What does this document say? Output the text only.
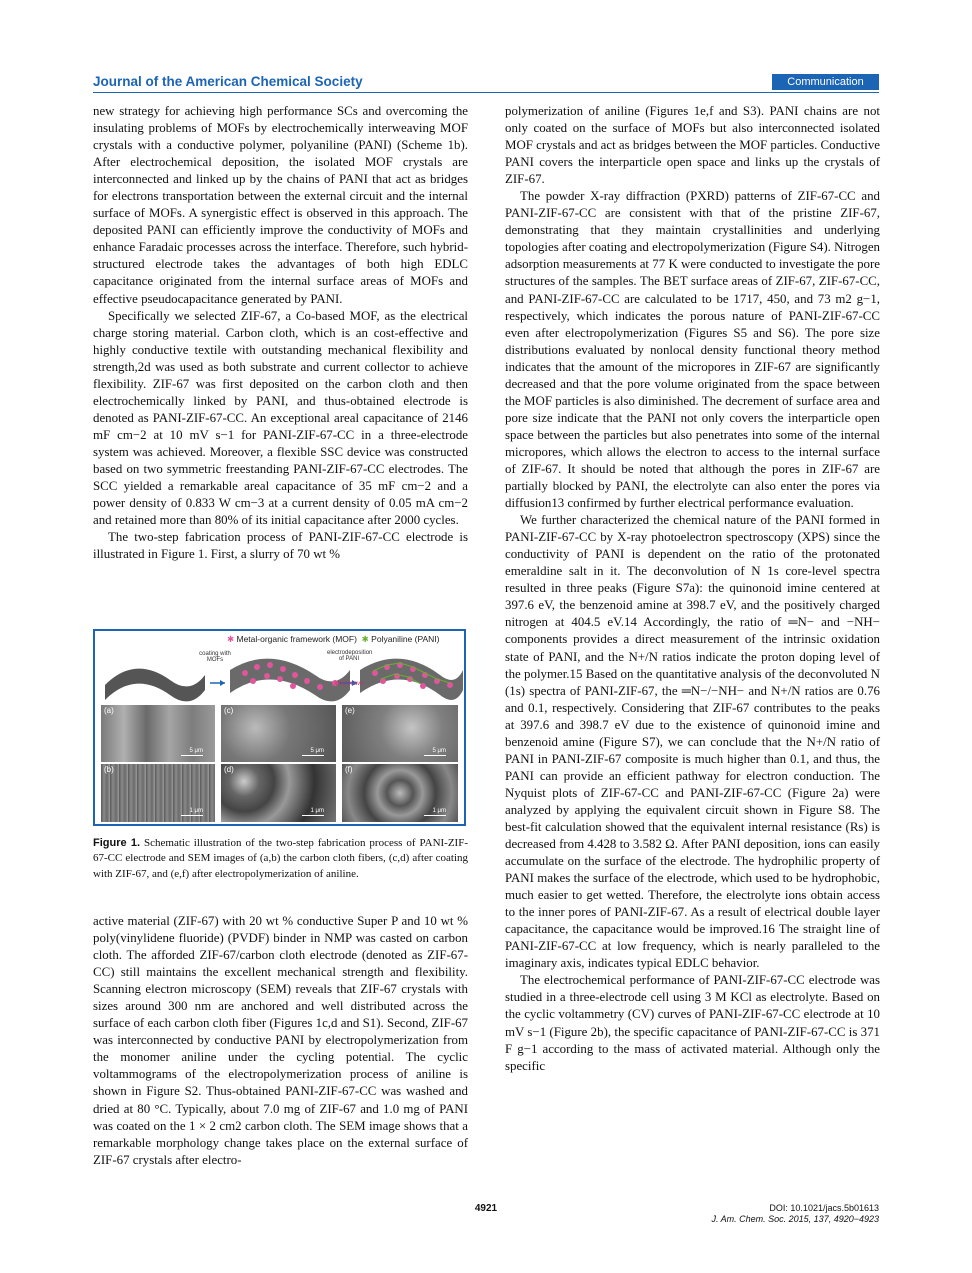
Journal of the American Chemical Society	Communication

new strategy for achieving high performance SCs and overcoming the insulating problems of MOFs by electrochemically interweaving MOF crystals with a conductive polymer, polyaniline (PANI) (Scheme 1b). After electrochemical deposition, the isolated MOF crystals are interconnected and linked up by the chains of PANI that act as bridges for electrons transportation between the external circuit and the internal surface of MOFs. A synergistic effect is observed in this approach. The deposited PANI can efficiently improve the conductivity of MOFs and enhance Faradaic processes across the interface. Therefore, such hybrid-structured electrode takes the advantages of both high EDLC capacitance originated from the internal surface areas of MOFs and effective pseudocapacitance generated by PANI.

Specifically we selected ZIF-67, a Co-based MOF, as the electrical charge storing material. Carbon cloth, which is an cost-effective and highly conductive textile with outstanding mechanical flexibility and strength,2d was used as both substrate and current collector to achieve flexibility. ZIF-67 was first deposited on the carbon cloth and then electrochemically linked by PANI, and thus-obtained electrode is denoted as PANI-ZIF-67-CC. An exceptional areal capacitance of 2146 mF cm−2 at 10 mV s−1 for PANI-ZIF-67-CC in a three-electrode system was achieved. Moreover, a flexible SSC device was constructed based on two symmetric freestanding PANI-ZIF-67-CC electrodes. The SCC yielded a remarkable areal capacitance of 35 mF cm−2 and a power density of 0.833 W cm−3 at a current density of 0.05 mA cm−2 and retained more than 80% of its initial capacitance after 2000 cycles.

The two-step fabrication process of PANI-ZIF-67-CC electrode is illustrated in Figure 1. First, a slurry of 70 wt %

✱ Metal-organic framework (MOF) ✱ Polyaniline (PANI)
coating with MOFs
electrodeposition of PANI
interweave
(a)
5 μm
(b)
1 μm
(c)
5 μm
(d)
1 μm
(e)
5 μm
(f)
1 μm
Figure 1. Schematic illustration of the two-step fabrication process of PANI-ZIF-67-CC electrode and SEM images of (a,b) the carbon cloth fibers, (c,d) after coating with ZIF-67, and (e,f) after electropolymerization of aniline.

active material (ZIF-67) with 20 wt % conductive Super P and 10 wt % poly(vinylidene fluoride) (PVDF) binder in NMP was casted on carbon cloth. The afforded ZIF-67/carbon cloth electrode (denoted as ZIF-67-CC) still maintains the excellent mechanical strength and flexibility. Scanning electron microscopy (SEM) reveals that ZIF-67 crystals with sizes around 300 nm are anchored and well distributed across the surface of each carbon cloth fiber (Figures 1c,d and S1). Second, ZIF-67 was interconnected by conductive PANI by electropolymerization from the monomer aniline under the cycling potential. The cyclic voltammograms of the electropolymerization process of aniline is shown in Figure S2. Thus-obtained PANI-ZIF-67-CC was washed and dried at 80 °C. Typically, about 7.0 mg of ZIF-67 and 1.0 mg of PANI was coated on the 1 × 2 cm2 carbon cloth. The SEM image shows that a remarkable morphology change takes place on the external surface of ZIF-67 crystals after electro-

polymerization of aniline (Figures 1e,f and S3). PANI chains are not only coated on the surface of MOFs but also interconnected isolated MOF crystals and act as bridges between the MOF particles. Conductive PANI covers the interparticle open space and links up the crystals of ZIF-67.

The powder X-ray diffraction (PXRD) patterns of ZIF-67-CC and PANI-ZIF-67-CC are consistent with that of the pristine ZIF-67, demonstrating that they maintain crystallinities and underlying topologies after coating and electropolymerization (Figure S4). Nitrogen adsorption measurements at 77 K were conducted to investigate the pore structures of the samples. The BET surface areas of ZIF-67, ZIF-67-CC, and PANI-ZIF-67-CC are calculated to be 1717, 450, and 73 m2 g−1, respectively, which indicates the porous nature of PANI-ZIF-67-CC even after electropolymerization (Figures S5 and S6). The pore size distributions evaluated by nonlocal density functional theory method indicates that the amount of the micropores in ZIF-67 are significantly decreased and that the pore volume originated from the space between the MOF particles is also diminished. The decrement of surface area and pore size indicate that the PANI not only covers the interparticle open space between the particles but also penetrates into some of the internal micropores, which allows the electron to access to the internal surface of ZIF-67. It should be noted that although the pores in ZIF-67 are partially blocked by PANI, the electrolyte can also enter the pores via diffusion13 confirmed by further electrical performance evaluation.

We further characterized the chemical nature of the PANI formed in PANI-ZIF-67-CC by X-ray photoelectron spectroscopy (XPS) since the conductivity of PANI is dependent on the ratio of the protonated emeraldine salt in it. The deconvolution of N 1s core-level spectra resulted in three peaks (Figure S7a): the quinonoid imine centered at 397.6 eV, the benzenoid amine at 398.7 eV, and the positively charged nitrogen at 404.5 eV.14 Accordingly, the ratio of ═N− and −NH− components provides a direct measurement of the intrinsic oxidation state of PANI, and the N+/N ratios indicate the proton doping level of the polymer.15 Based on the quantitative analysis of the deconvoluted N (1s) spectra of PANI-ZIF-67, the ═N−/−NH− and N+/N ratios are 0.76 and 0.1, respectively. Considering that ZIF-67 contributes to the peaks at 397.6 and 398.7 eV due to the existence of quinonoid imine and benzenoid amine (Figure S7), we can conclude that the N+/N ratio of PANI in PANI-ZIF-67 composite is much higher than 0.1, and thus, the PANI can provide an efficient pathway for electron conduction. The Nyquist plots of ZIF-67-CC and PANI-ZIF-67-CC (Figure 2a) were analyzed by applying the equivalent circuit shown in Figure S8. The best-fit calculation showed that the equivalent internal resistance (Rs) is decreased from 4.428 to 3.582 Ω. After PANI deposition, ions can easily accumulate on the surface of the electrode. The hydrophilic property of PANI makes the surface of the electrode, which used to be hydrophobic, much easier to get wetted. Therefore, the electrolyte ions obtain access to the inner pores of PANI-ZIF-67. As a result of electrical double layer capacitance, the capacitance would be improved.16 The straight line of PANI-ZIF-67-CC at low frequency, which is nearly paralleled to the imaginary axis, indicates typical EDLC behavior.

The electrochemical performance of PANI-ZIF-67-CC electrode was studied in a three-electrode cell using 3 M KCl as electrolyte. Based on the cyclic voltammetry (CV) curves of PANI-ZIF-67-CC electrode at 10 mV s−1 (Figure 2b), the specific capacitance of PANI-ZIF-67-CC is 371 F g−1 according to the mass of activated material. Although only the specific

4921	DOI: 10.1021/jacs.5b01613
J. Am. Chem. Soc. 2015, 137, 4920−4923
